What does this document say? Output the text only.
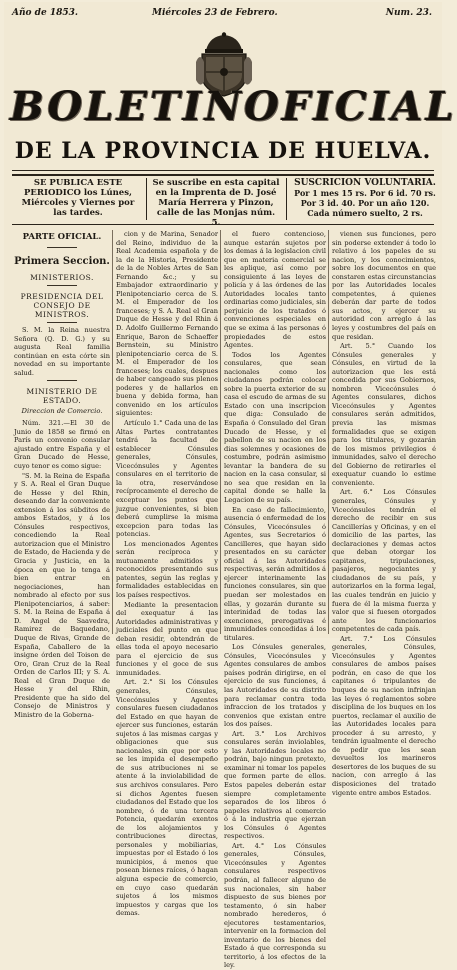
Año de 1853.	Miércoles 23 de Febrero.	Num. 23.
BOLETIN OFICIAL
DE LA PROVINCIA DE HUELVA.
SE PUBLICA ESTE PERIODICO los Lúnes, Miércoles y Viernes por las tardes.
Se suscribe en esta capital en la Imprenta de D. José María Herrera y Pinzon, calle de las Monjas núm. 5.
SUSCRICION VOLUNTARIA.
Por 1 mes 15 rs. Por 6 id. 70 rs.
Por 3 id. 40. Por un año 120.
Cada número suelto, 2 rs.
PARTE OFICIAL.
Primera Seccion.
MINISTERIOS.
PRESIDENCIA DEL CONSEJO DE MINISTROS.

S. M. la Reina nuestra Señora (Q. D. G.) y su augusta Real familia continúan en esta córte sin novedad en su importante salud.

MINISTERIO DE ESTADO.
Direccion de Comercio.

Núm. 321.—El 30 de Junio de 1858 se firmó en París un convenio consular ajustado entre España y el Gran Ducado de Hesse, cuyo tenor es como sigue:

"S. M. la Reina de España y S. A. Real el Gran Duque de Hesse y del Rhin, deseando dar la conveniente extension á los súbditos de ambos Estados, y á los Cónsules respectivos, concediendo la Real autorizacion que el Ministro de Estado, de Hacienda y de Gracia y Justicia, en la época en que lo tenga á bien entrar en negociaciones, han nombrado al efecto por sus Plenipotenciarios, á saber: S. M. la Reina de España á D. Angel de Saavedra, Ramirez de Baquedano, Duque de Rivas, Grande de España, Caballero de la insigne órden del Toison de Oro, Gran Cruz de la Real Orden de Carlos III; y S. A. Real el Gran Duque de Hesse y del Rhin, Presidente que ha sido del Consejo de Ministros y Ministro de la Goberna-

cion y de Marina, Senador del Reino, individuo de la Real Academia española y de la de la Historia, Presidente de la de Nobles Artes de San Fernando &c.; y su Embajador extraordinario y Plenipotenciario cerca de S. M. el Emperador de los franceses; y S. A. Real el Gran Duque de Hesse y del Rhin á D. Adolfo Guillermo Fernando Enrique, Baron de Schaeffer Bernstein, su Ministro plenipotenciario cerca de S. M. el Emperador de los franceses; los cuales, despues de haber cangeado sus plenos poderes y de hallarlos en buena y debida forma, han convenido en los artículos siguientes:

Artículo 1.° Cada una de las Altas Partes contratantes tendrá la facultad de establecer Cónsules generales, Cónsules, Vicecónsules y Agentes consulares en el territorio de la otra, reservándose recíprocamente el derecho de exceptuar los puntos que juzgue convenientes, si bien deberá cumplirse la misma excepcion para todas las potencias.

Los mencionados Agentes serán recíproca y mutuamente admitidos y reconocidos presentando sus patentes, según las reglas y formalidades establecidas en los países respectivos.

Mediante la presentacion del exequatur á las Autoridades administrativas y judiciales del punto en que deban residir, obtendrán de ellas toda el apoyo necesario para el ejercicio de sus funciones y el goce de sus inmunidades.

Art. 2.° Si los Cónsules generales, Cónsules, Vicecónsules y Agentes consulares fuesen ciudadanos del Estado en que hayan de ejercer sus funciones, estarán sujetos á las mismas cargas y obligaciones que sus nacionales, sin que por esto se les impida el desempeño de sus atribuciones ni se atente á la inviolabilidad de sus archivos consulares. Pero si dichos Agentes fuesen ciudadanos del Estado que los nombre, ó de una tercera Potencia, quedarán exentos de los alojamientos y contribuciones directas, personales y mobiliarias, impuestas por el Estado ó los municipios, á menos que posean bienes raíces, ó hagan alguna especie de comercio, en cuyo caso quedarán sujetos á los mismos impuestos y cargas que los demas.

el fuero contencioso, aunque estarán sujetos por los demas á la legislacion civil que en materia comercial se les aplique, así como por consiguiente á las leyes de policía y á las órdenes de las Autoridades locales tanto ordinarias como judiciales, sin perjuicio de los tratados ó convenciones especiales en que se exima á las personas ó propiedades de estos Agentes.

Todos los Agentes consulares, que sean nacionales como los ciudadanos podrán colocar sobre la puerta exterior de su casa el escudo de armas de su Estado con una inscripcion que diga: Consulado de España ó Consulado del Gran Ducado de Hesse, y el pabellon de su nacion en los dias solemnes y ocasiones de costumbre, podrán asimismo levantar la bandera de su nacion en la casa consular, si no sea que residan en la capital donde se halle la Legacion de su país.

En caso de fallecimiento, ausencia ó enfermedad de los Cónsules, Vicecónsules ó Agentes, sus Secretarios ó Cancilleres, que hayan sido presentados en su carácter oficial á las Autoridades respectivas, serán admitidos á ejercer interinamente las funciones consulares, sin que puedan ser molestados en ellas, y gozarán durante su interinidad de todas las exenciones, prerogativas é inmunidades concedidas á los titulares.

Los Cónsules generales, Cónsules, Vicecónsules y Agentes consulares de ambos países podrán dirigirse, en el ejercicio de sus funciones, á las Autoridades de su distrito para reclamar contra toda infraccion de los tratados y convenios que existan entre los dos países.

Art. 3.° Los Archivos consulares serán inviolables, y las Autoridades locales no podrán, bajo ningun pretexto, examinar ni tomar los papeles que formen parte de ellos. Estos papeles deberán estar siempre completamente separados de los libros ó papeles relativos al comercio ó á la industria que ejerzan los Cónsules ó Agentes respectivos.

Art. 4.° Los Cónsules generales, Cónsules, Vicecónsules y Agentes consulares respectivos podrán, al fallecer alguno de sus nacionales, sin haber dispuesto de sus bienes por testamento, ó sin haber nombrado herederos, ó ejecutores testamentarios, intervenir en la formacion del inventario de los bienes del Estado á que corresponda su territorio, á los efectos de la ley.

vienen sus funciones, pero sin poderse extender á todo lo relativo á los papeles de su nacion, y los conocimientos, sobre los documentos en que constaren estas circunstancias por las Autoridades locales competentes, á quienes deberán dar parte de todos sus actos, y ejercer su autoridad con arreglo á las leyes y costumbres del país en que residan.

Art. 5.° Cuando los Cónsules generales y Cónsules, en virtud de la autorizacion que les está concedida por sus Gobiernos, nombren Vicecónsules ó Agentes consulares, dichos Vicecónsules y Agentes consulares serán admitidos, previa las mismas formalidades que se exigen para los titulares, y gozarán de los mismos privilegios é inmunidades, salvo el derecho del Gobierno de retirarles el exequatur cuando lo estime conveniente.

Art. 6.° Los Cónsules generales, Cónsules y Vicecónsules tendrán el derecho de recibir en sus Cancillerías y Oficinas, y en el domicilio de las partes, las declaraciones y demas actos que deban otorgar los capitanes, tripulaciones, pasajeros, negociantes y ciudadanos de su país, y autorizarlos en la forma legal, las cuales tendrán en juicio y fuera de él la misma fuerza y valor que si fuesen otorgados ante los funcionarios competentes de cada país.

Art. 7.° Los Cónsules generales, Cónsules, Vicecónsules y Agentes consulares de ambos países podrán, en caso de que los capitanes ó tripulantes de buques de su nacion infrinjan las leyes ó reglamentos sobre disciplina de los buques en los puertos, reclamar el auxilio de las Autoridades locales para proceder á su arresto, y tendrán igualmente el derecho de pedir que les sean devueltos los marineros desertores de los buques de su nacion, con arreglo á las disposiciones del tratado vigente entre ambos Estados.
